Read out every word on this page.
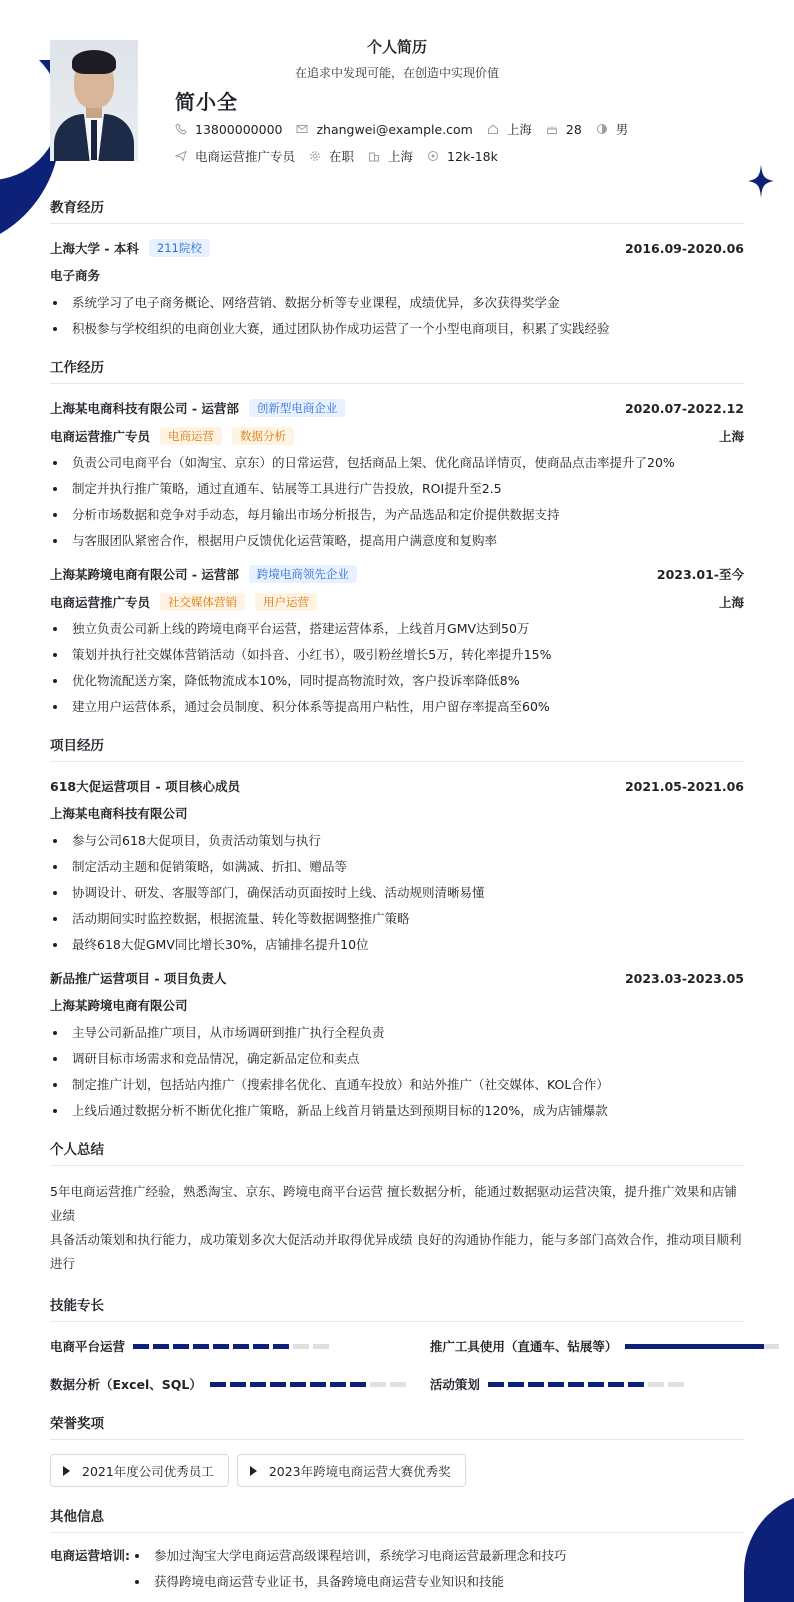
个人简历
在追求中发现可能，在创造中实现价值
简小全
13800000000	zhangwei@example.com	上海	28	男
电商运营推广专员	在职	上海	12k-18k
教育经历
上海大学 - 本科	211院校	2016.09-2020.06
电子商务
系统学习了电子商务概论、网络营销、数据分析等专业课程，成绩优异，多次获得奖学金
积极参与学校组织的电商创业大赛，通过团队协作成功运营了一个小型电商项目，积累了实践经验
工作经历
上海某电商科技有限公司 - 运营部	创新型电商企业	2020.07-2022.12
电商运营推广专员	电商运营	数据分析	上海
负责公司电商平台（如淘宝、京东）的日常运营，包括商品上架、优化商品详情页，使商品点击率提升了20%
制定并执行推广策略，通过直通车、钻展等工具进行广告投放，ROI提升至2.5
分析市场数据和竞争对手动态，每月输出市场分析报告，为产品选品和定价提供数据支持
与客服团队紧密合作，根据用户反馈优化运营策略，提高用户满意度和复购率
上海某跨境电商有限公司 - 运营部	跨境电商领先企业	2023.01-至今
电商运营推广专员	社交媒体营销	用户运营	上海
独立负责公司新上线的跨境电商平台运营，搭建运营体系，上线首月GMV达到50万
策划并执行社交媒体营销活动（如抖音、小红书），吸引粉丝增长5万，转化率提升15%
优化物流配送方案，降低物流成本10%，同时提高物流时效，客户投诉率降低8%
建立用户运营体系，通过会员制度、积分体系等提高用户粘性，用户留存率提高至60%
项目经历
618大促运营项目 - 项目核心成员	2021.05-2021.06
上海某电商科技有限公司
参与公司618大促项目，负责活动策划与执行
制定活动主题和促销策略，如满减、折扣、赠品等
协调设计、研发、客服等部门，确保活动页面按时上线、活动规则清晰易懂
活动期间实时监控数据，根据流量、转化等数据调整推广策略
最终618大促GMV同比增长30%，店铺排名提升10位
新品推广运营项目 - 项目负责人	2023.03-2023.05
上海某跨境电商有限公司
主导公司新品推广项目，从市场调研到推广执行全程负责
调研目标市场需求和竞品情况，确定新品定位和卖点
制定推广计划，包括站内推广（搜索排名优化、直通车投放）和站外推广（社交媒体、KOL合作）
上线后通过数据分析不断优化推广策略，新品上线首月销量达到预期目标的120%，成为店铺爆款
个人总结

5年电商运营推广经验，熟悉淘宝、京东、跨境电商平台运营 擅长数据分析，能通过数据驱动运营决策，提升推广效果和店铺业绩

具备活动策划和执行能力，成功策划多次大促活动并取得优异成绩 良好的沟通协作能力，能与多部门高效合作，推动项目顺利进行

技能专长
电商平台运营	推广工具使用（直通车、钻展等）
数据分析（Excel、SQL）	活动策划
荣誉奖项
2021年度公司优秀员工	2023年跨境电商运营大赛优秀奖
其他信息
电商运营培训:	参加过淘宝大学电商运营高级课程培训，系统学习电商运营最新理念和技巧
获得跨境电商运营专业证书，具备跨境电商运营专业知识和技能
